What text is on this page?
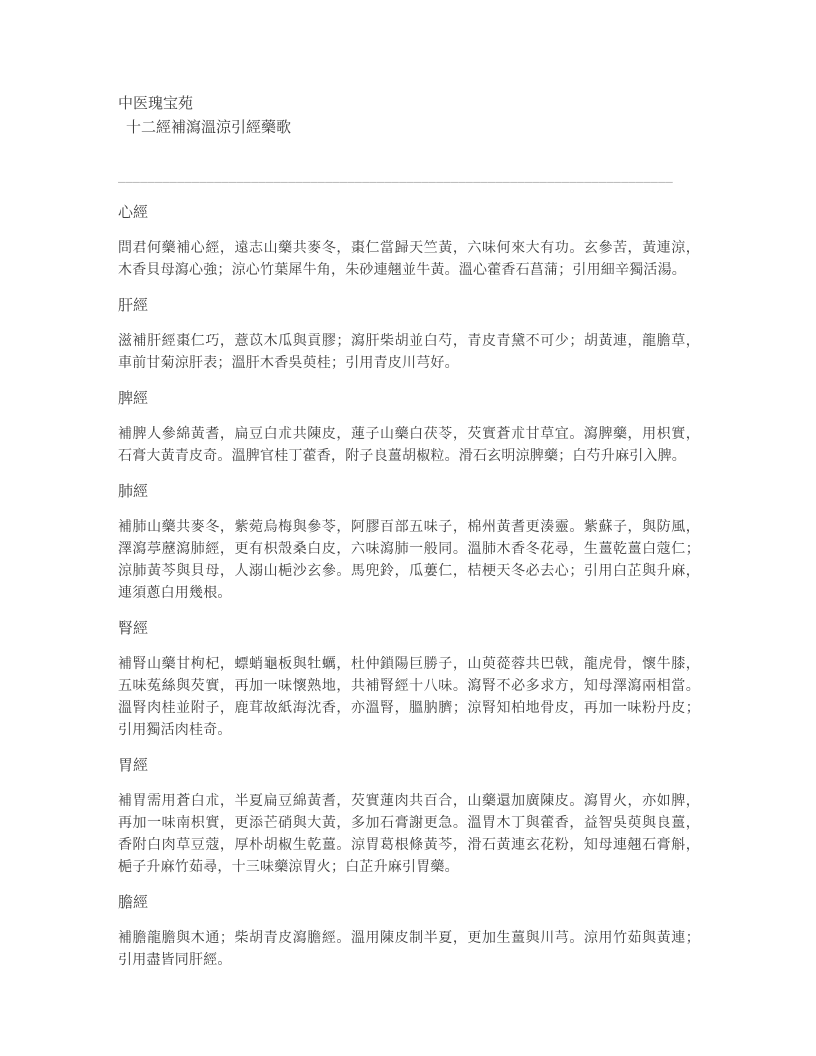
中医瑰宝苑
十二經補瀉溫涼引經藥歌
___________________________________________________________________________
心經

問君何藥補心經，遠志山藥共麥冬，棗仁當歸天竺黃，六味何來大有功。玄參苦，黃連涼，木香貝母瀉心強；涼心竹葉犀牛角，朱砂連翹並牛黃。溫心藿香石菖蒲；引用細辛獨活湯。

肝經

滋補肝經棗仁巧，薏苡木瓜與貢膠；瀉肝柴胡並白芍，青皮青黛不可少；胡黃連，龍膽草，車前甘菊涼肝表；溫肝木香吳萸桂；引用青皮川芎好。

脾經

補脾人參綿黃耆，扁豆白朮共陳皮，蓮子山藥白茯苓，芡實蒼朮甘草宜。瀉脾藥，用枳實，石膏大黃青皮奇。溫脾官桂丁藿香，附子良薑胡椒粒。滑石玄明涼脾藥；白芍升麻引入脾。

肺經

補肺山藥共麥冬，紫菀烏梅與參苓，阿膠百部五味子，棉州黃耆更湊靈。紫蘇子，與防風，澤瀉葶藶瀉肺經，更有枳殼桑白皮，六味瀉肺一般同。溫肺木香冬花尋，生薑乾薑白蔻仁；涼肺黃芩與貝母，人溺山梔沙玄參。馬兜鈴，瓜蔞仁，桔梗天冬必去心；引用白芷與升麻，連須蔥白用幾根。

腎經

補腎山藥甘枸杞，螵蛸龜板與牡蠣，杜仲鎖陽巨勝子，山萸蓯蓉共巴戟，龍虎骨，懷牛膝，五味菟絲與芡實，再加一味懷熟地，共補腎經十八味。瀉腎不必多求方，知母澤瀉兩相當。溫腎肉桂並附子，鹿茸故紙海沈香，亦溫腎，膃肭臍；涼腎知柏地骨皮，再加一味粉丹皮；引用獨活肉桂奇。

胃經

補胃需用蒼白朮，半夏扁豆綿黃耆，芡實蓮肉共百合，山藥還加廣陳皮。瀉胃火，亦如脾，再加一味南枳實，更添芒硝與大黃，多加石膏謝更急。溫胃木丁與藿香，益智吳萸與良薑，香附白肉草豆蔻，厚朴胡椒生乾薑。涼胃葛根條黃芩，滑石黃連玄花粉，知母連翹石膏斛，梔子升麻竹茹尋，十三味藥涼胃火；白芷升麻引胃藥。

膽經

補膽龍膽與木通；柴胡青皮瀉膽經。溫用陳皮制半夏，更加生薑與川芎。涼用竹茹與黃連；引用盡皆同肝經。
